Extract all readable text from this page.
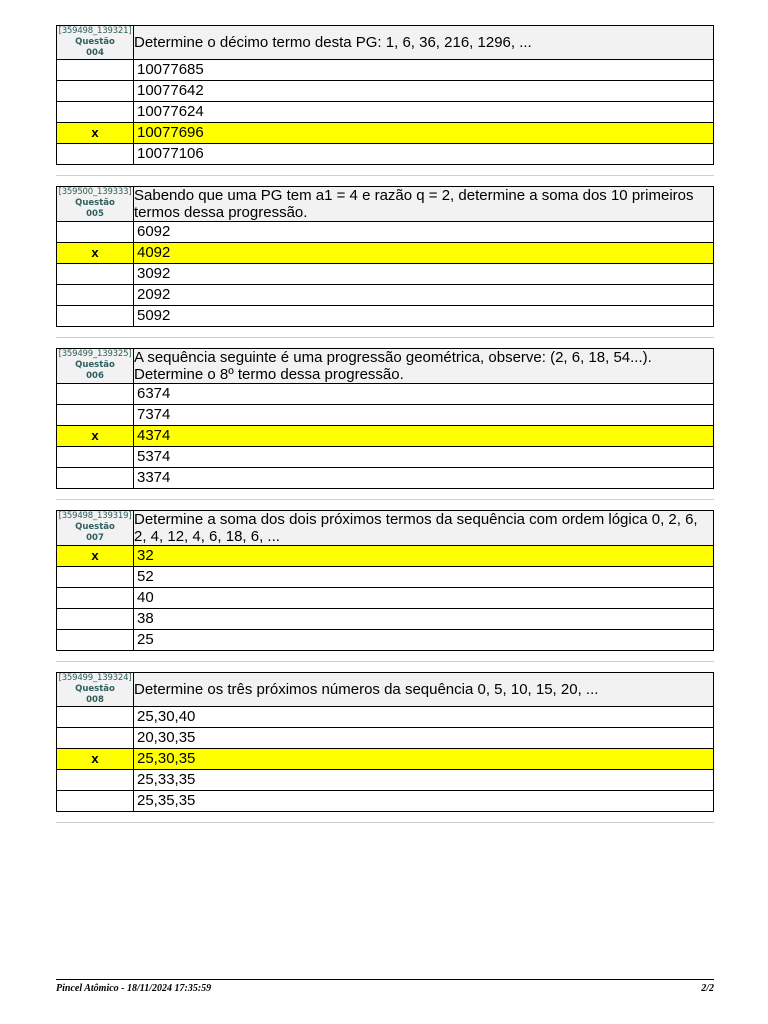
[359498_139321]
Questão
004	Determine o décimo termo desta PG: 1, 6, 36, 216, 1296, ...
	10077685
	10077642
	10077624
x	10077696
	10077106
[359500_139333]
Questão
005	Sabendo que uma PG tem a1 = 4 e razão q = 2, determine a soma dos 10 primeiros termos dessa progressão.
	6092
x	4092
	3092
	2092
	5092
[359499_139325]
Questão
006	A sequência seguinte é uma progressão geométrica, observe: (2, 6, 18, 54...). Determine o 8º termo dessa progressão.
	6374
	7374
x	4374
	5374
	3374
[359498_139319]
Questão
007	Determine a soma dos dois próximos termos da sequência com ordem lógica 0, 2, 6, 2, 4, 12, 4, 6, 18, 6, ...
x	32
	52
	40
	38
	25
[359499_139324]
Questão
008	Determine os três próximos números da sequência 0, 5, 10, 15, 20, ...
	25,30,40
	20,30,35
x	25,30,35
	25,33,35
	25,35,35
Pincel Atômico - 18/11/2024 17:35:59	2/2
